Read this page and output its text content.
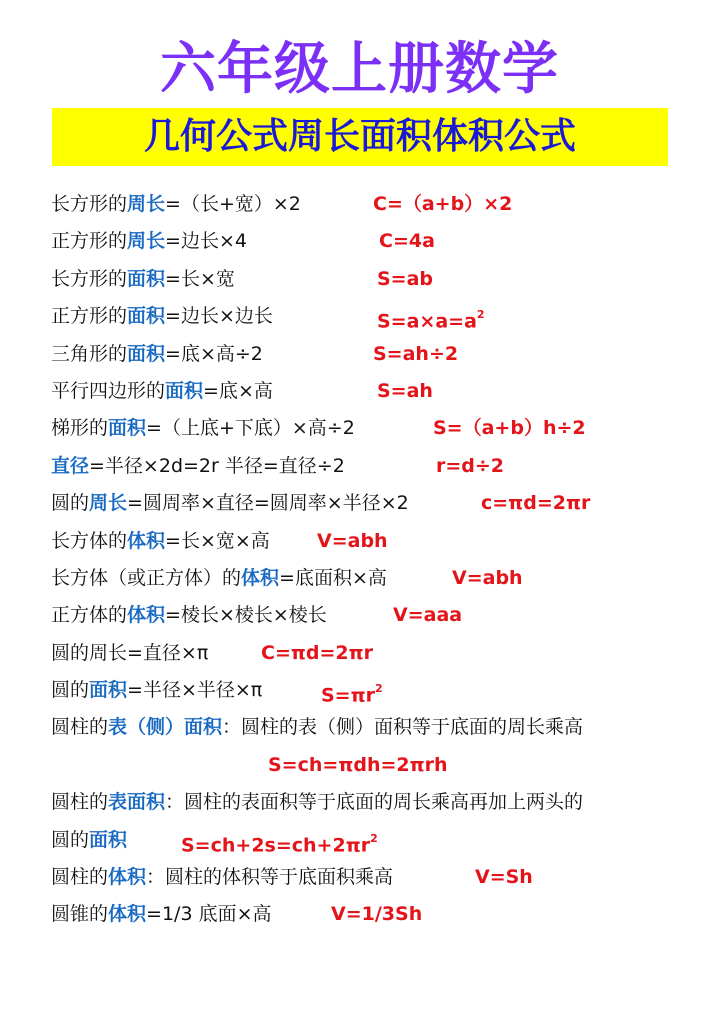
六年级上册数学
几何公式周长面积体积公式
长方形的周长=（长+宽）×2	C=（a+b）×2
正方形的周长=边长×4	C=4a
长方形的面积=长×宽	S=ab
正方形的面积=边长×边长	$S=a\times a=a^2$
三角形的面积=底×高÷2	S=ah÷2
平行四边形的面积=底×高	S=ah
梯形的面积=（上底+下底）×高÷2	S=（a+b）h÷2
直径=半径×2d=2r 半径=直径÷2	r=d÷2
圆的周长=圆周率×直径=圆周率×半径×2	c=πd=2πr
长方体的体积=长×宽×高 V=abh
长方体（或正方体）的体积=底面积×高	V=abh
正方体的体积=棱长×棱长×棱长	V=aaa
圆的周长=直径×π	C=πd=2πr
圆的面积=半径×半径×π	$S=\pi r^2$
圆柱的表（侧）面积：圆柱的表（侧）面积等于底面的周长乘高
S=ch=πdh=2πrh
圆柱的表面积：圆柱的表面积等于底面的周长乘高再加上两头的
圆的面积	$S=ch+2s=ch+2\pi r^2$
圆柱的体积：圆柱的体积等于底面积乘高	V=Sh
圆锥的体积=1/3 底面×高	V=1/3Sh
